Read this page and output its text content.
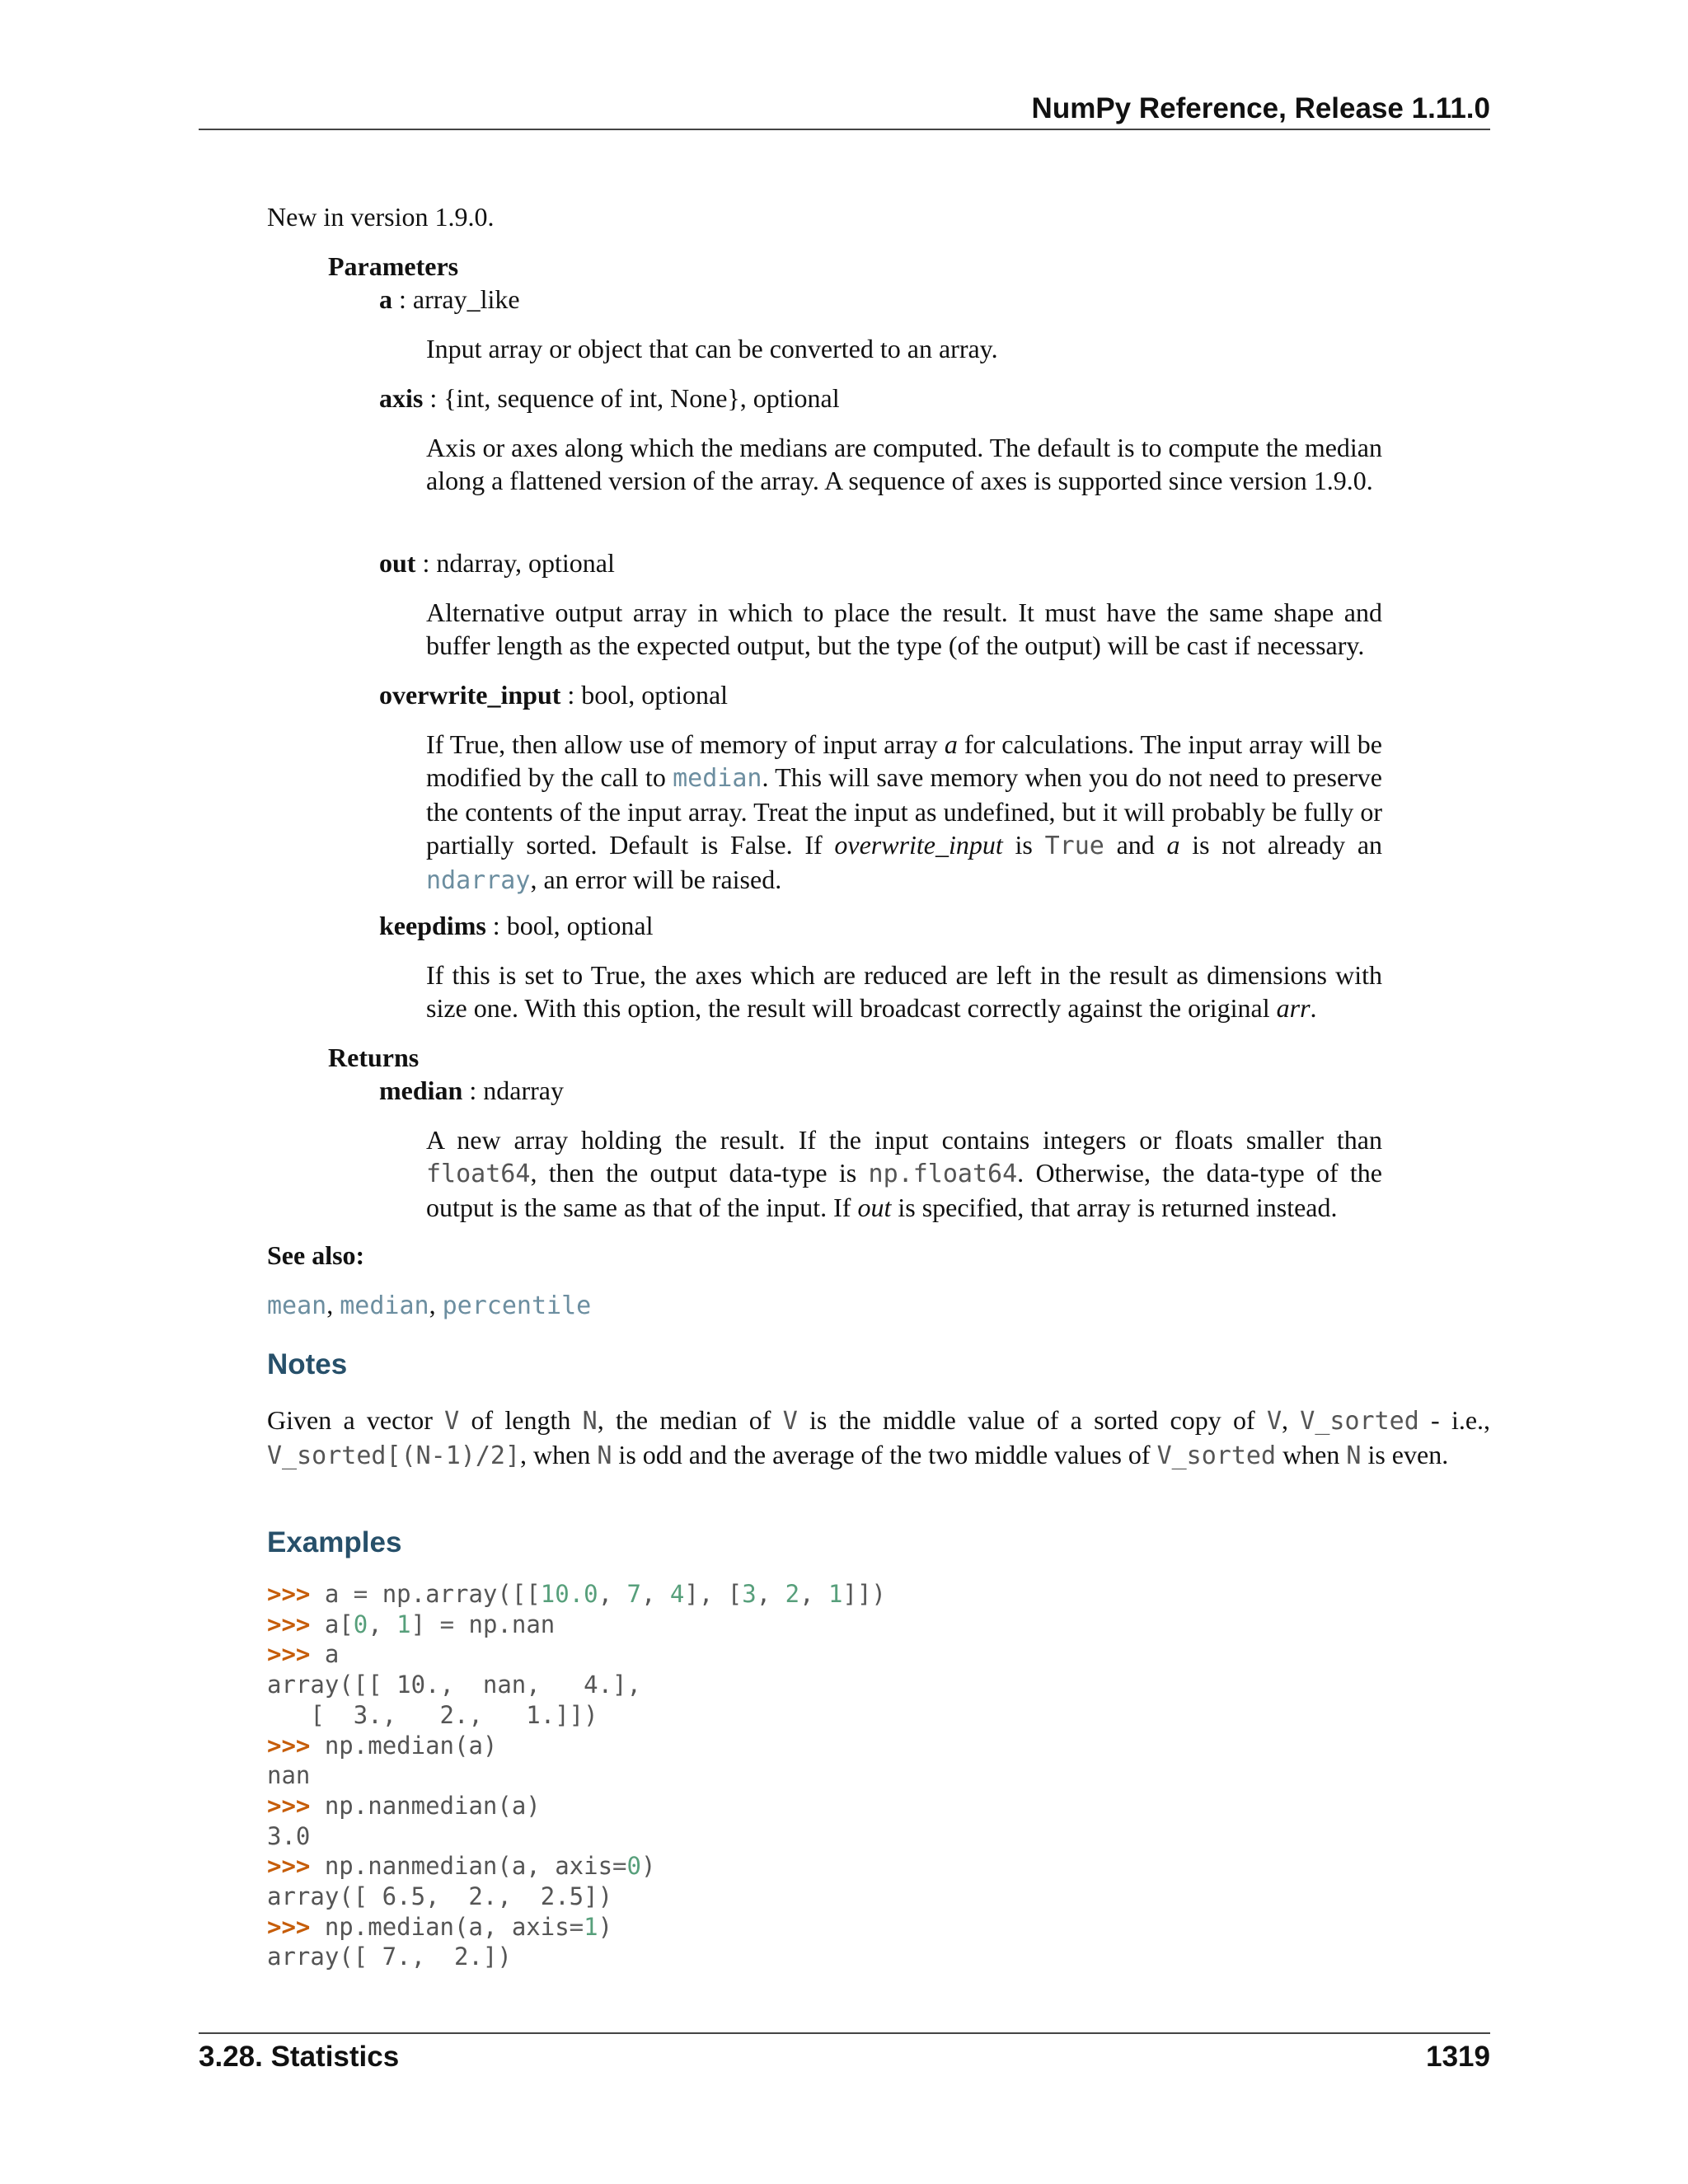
NumPy Reference, Release 1.11.0
New in version 1.9.0.
Parameters
a : array_like
Input array or object that can be converted to an array.
axis : {int, sequence of int, None}, optional
Axis or axes along which the medians are computed. The default is to compute the median along a flattened version of the array. A sequence of axes is supported since version 1.9.0.
out : ndarray, optional
Alternative output array in which to place the result. It must have the same shape and buffer length as the expected output, but the type (of the output) will be cast if necessary.
overwrite_input : bool, optional
If True, then allow use of memory of input array a for calculations. The input array will be modified by the call to median. This will save memory when you do not need to preserve the contents of the input array. Treat the input as undefined, but it will probably be fully or partially sorted. Default is False. If overwrite_input is True and a is not already an ndarray, an error will be raised.
keepdims : bool, optional
If this is set to True, the axes which are reduced are left in the result as dimensions with size one. With this option, the result will broadcast correctly against the original arr.
Returns
median : ndarray
A new array holding the result. If the input contains integers or floats smaller than float64, then the output data-type is np.float64. Otherwise, the data-type of the output is the same as that of the input. If out is specified, that array is returned instead.
See also:
mean, median, percentile
Notes
Given a vector V of length N, the median of V is the middle value of a sorted copy of V, V_sorted - i.e., V_sorted[(N-1)/2], when N is odd and the average of the two middle values of V_sorted when N is even.
Examples
>>> a = np.array([[10.0, 7, 4], [3, 2, 1]])
>>> a[0, 1] = np.nan
>>> a
array([[ 10.,  nan,   4.],
[  3.,   2.,   1.]])
>>> np.median(a)
nan
>>> np.nanmedian(a)
3.0
>>> np.nanmedian(a, axis=0)
array([ 6.5,  2.,  2.5])
>>> np.median(a, axis=1)
array([ 7.,  2.])
3.28. Statistics	1319
